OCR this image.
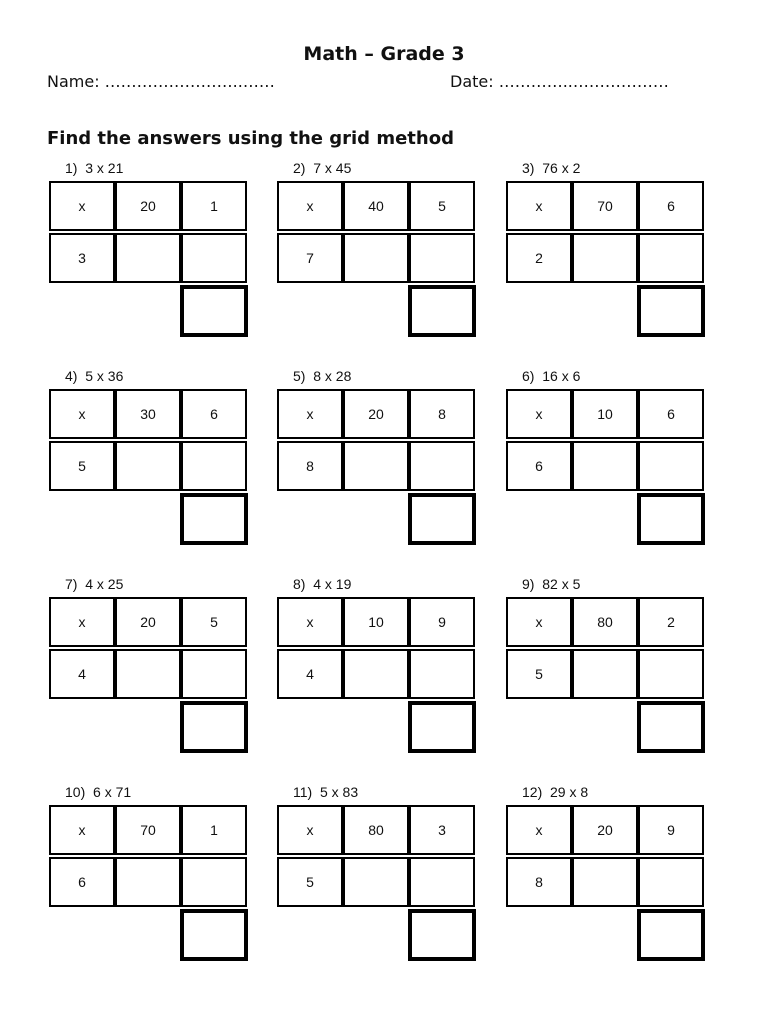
Math – Grade 3
Name: ……………………..……	Date: …………..………………
Find the answers using the grid method
1)  3 x 21
x	20	1
3
2)  7 x 45
x	40	5
7
3)  76 x 2
x	70	6
2
4)  5 x 36
x	30	6
5
5)  8 x 28
x	20	8
8
6)  16 x 6
x	10	6
6
7)  4 x 25
x	20	5
4
8)  4 x 19
x	10	9
4
9)  82 x 5
x	80	2
5
10)  6 x 71
x	70	1
6
11)  5 x 83
x	80	3
5
12)  29 x 8
x	20	9
8
